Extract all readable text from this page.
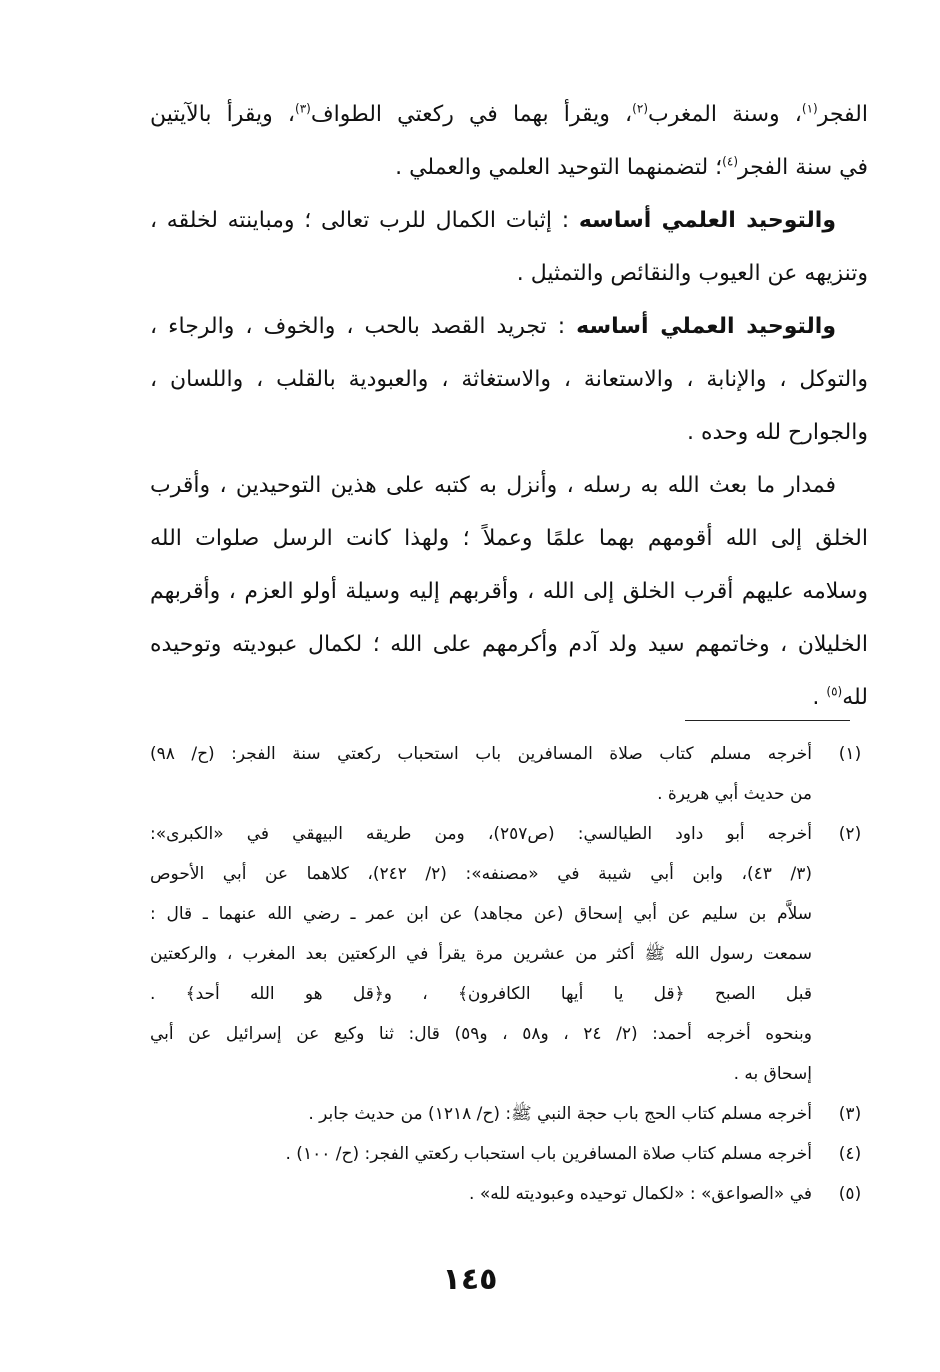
الفجر$^{(١)}$، وسنة المغرب$^{(٢)}$، ويقرأ بهما في ركعتي الطواف$^{(٣)}$، ويقرأ بالآيتين
في سنة الفجر$^{(٤)}$؛ لتضمنهما التوحيد العلمي والعملي .
والتوحيد العلمي أساسه : إثبات الكمال للرب تعالى ؛ ومباينته لخلقه ،
وتنزيهه عن العيوب والنقائص والتمثيل .
والتوحيد العملي أساسه : تجريد القصد بالحب ، والخوف ، والرجاء ،
والتوكل ، والإنابة ، والاستعانة ، والاستغاثة ، والعبودية بالقلب ، واللسان ،
والجوارح لله وحده .
فمدار ما بعث الله به رسله ، وأنزل به كتبه على هذين التوحيدين ، وأقرب
الخلق إلى الله أقومهم بهما علمًا وعملاً ؛ ولهذا كانت الرسل صلوات الله
وسلامه عليهم أقرب الخلق إلى الله ، وأقربهم إليه وسيلة أولو العزم ، وأقربهم
الخليلان ، وخاتمهم سيد ولد آدم وأكرمهم على الله ؛ لكمال عبوديته وتوحيده
لله$^{(٥)}$ .
(١)
أخرجه مسلم كتاب صلاة المسافرين باب استحباب ركعتي سنة الفجر: (ح/ ٩٨)
من حديث أبي هريرة .
(٢)
أخرجه أبو داود الطيالسي: (ص٢٥٧)، ومن طريقه البيهقي في «الكبرى»:
(٣/ ٤٣)، وابن أبي شيبة في «مصنفه»: (٢/ ٢٤٢)، كلاهما عن أبي الأحوص
سلاَّم بن سليم عن أبي إسحاق (عن مجاهد) عن ابن عمر ـ رضي الله عنهما ـ قال :
سمعت رسول الله ﷺ أكثر من عشرين مرة يقرأ في الركعتين بعد المغرب ، والركعتين
قبل الصبح ﴿قل يا أيها الكافرون﴾ ، و﴿قل هو الله أحد﴾ .
وبنحوه أخرجه أحمد: (٢/ ٢٤ ، و٥٨ ، و٥٩) قال: ثنا وكيع عن إسرائيل عن أبي
إسحاق به .
(٣)
أخرجه مسلم كتاب الحج باب حجة النبي ﷺ: (ح/ ١٢١٨) من حديث جابر .
(٤)
أخرجه مسلم كتاب صلاة المسافرين باب استحباب ركعتي الفجر: (ح/ ١٠٠) .
(٥)
في «الصواعق» : «لكمال توحيده وعبوديته لله» .
١٤٥
